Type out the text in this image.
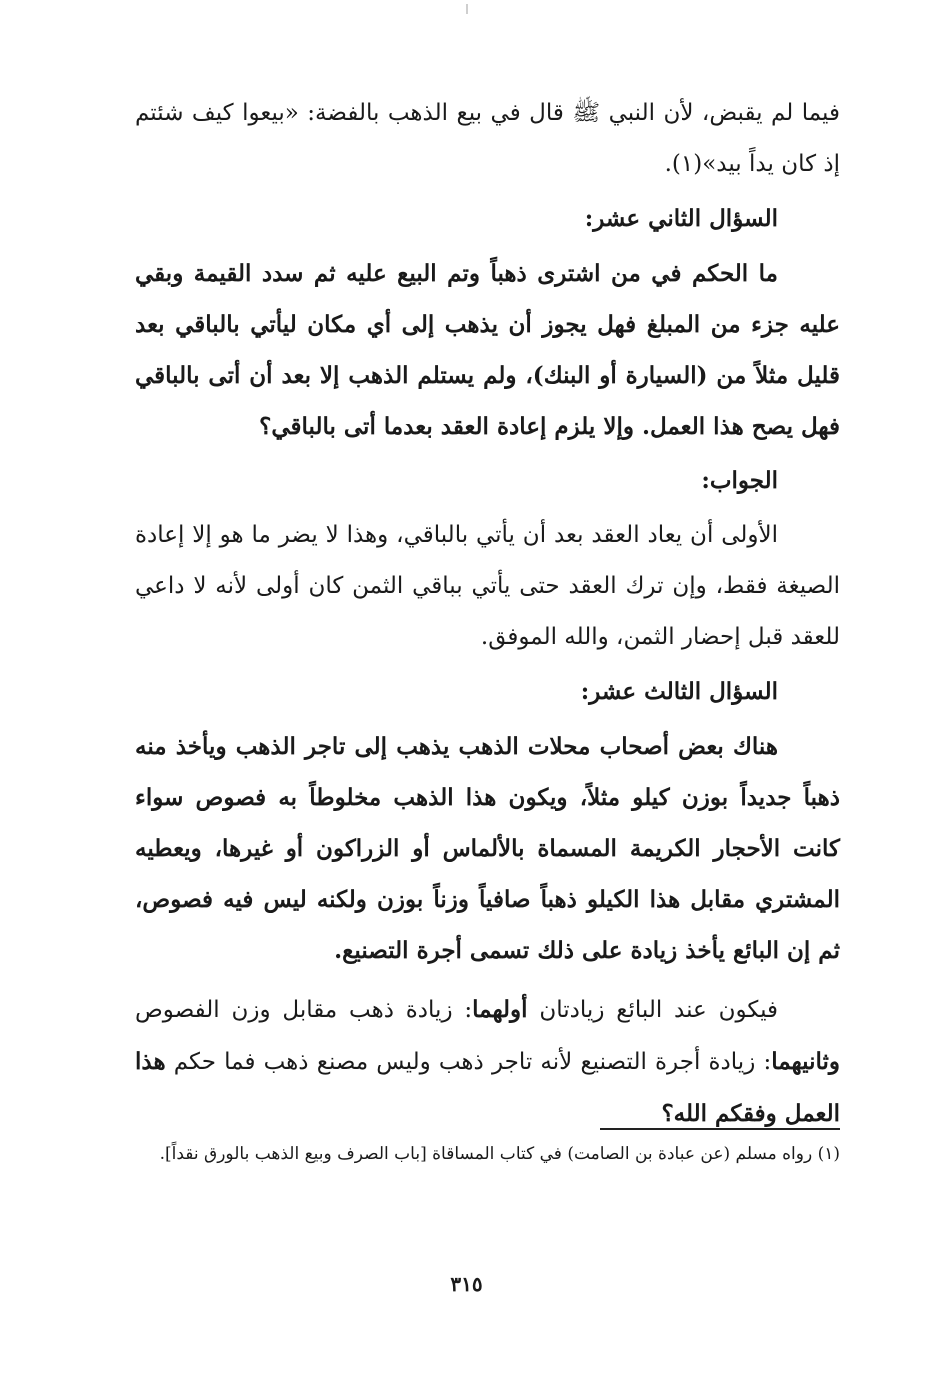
فيما لم يقبض، لأن النبي ﷺ قال في بيع الذهب بالفضة: «بيعوا كيف شئتم إذ كان يداً بيد»(١).

السؤال الثاني عشر:

ما الحكم في من اشترى ذهباً وتم البيع عليه ثم سدد القيمة وبقي عليه جزء من المبلغ فهل يجوز أن يذهب إلى أي مكان ليأتي بالباقي بعد قليل مثلاً من (السيارة أو البنك)، ولم يستلم الذهب إلا بعد أن أتى بالباقي فهل يصح هذا العمل. وإلا يلزم إعادة العقد بعدما أتى بالباقي؟

الجواب:

الأولى أن يعاد العقد بعد أن يأتي بالباقي، وهذا لا يضر ما هو إلا إعادة الصيغة فقط، وإن ترك العقد حتى يأتي بباقي الثمن كان أولى لأنه لا داعي للعقد قبل إحضار الثمن، والله الموفق.

السؤال الثالث عشر:

هناك بعض أصحاب محلات الذهب يذهب إلى تاجر الذهب ويأخذ منه ذهباً جديداً بوزن كيلو مثلاً، ويكون هذا الذهب مخلوطاً به فصوص سواء كانت الأحجار الكريمة المسماة بالألماس أو الزراكون أو غيرها، ويعطيه المشتري مقابل هذا الكيلو ذهباً صافياً وزناً بوزن ولكنه ليس فيه فصوص، ثم إن البائع يأخذ زيادة على ذلك تسمى أجرة التصنيع.

فيكون عند البائع زيادتان أولهما: زيادة ذهب مقابل وزن الفصوص وثانيهما: زيادة أجرة التصنيع لأنه تاجر ذهب وليس مصنع ذهب فما حكم هذا العمل وفقكم الله؟

(١) رواه مسلم (عن عبادة بن الصامت) في كتاب المساقاة [باب الصرف وبيع الذهب بالورق نقداً].

٣١٥
